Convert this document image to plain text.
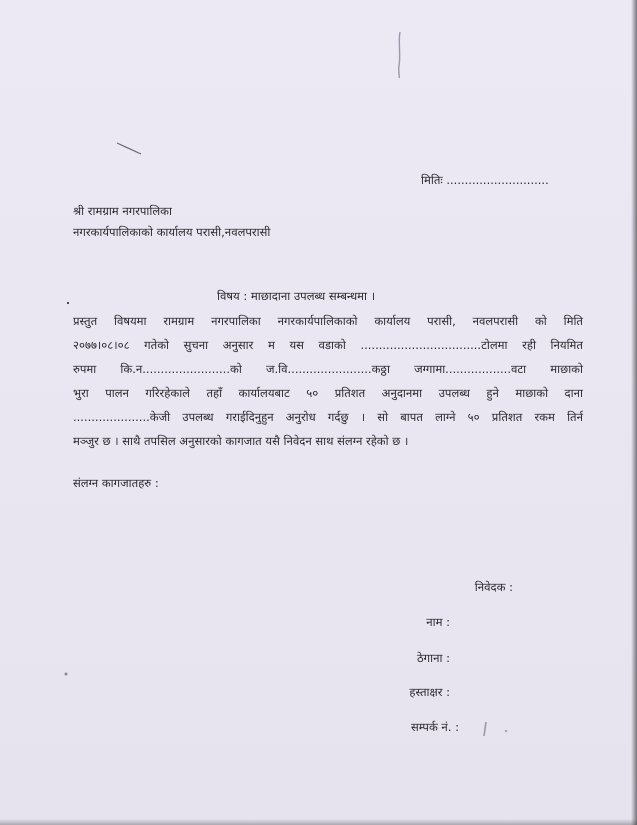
मितिः ............................
श्री रामग्राम नगरपालिका
नगरकार्यपालिकाको कार्यालय परासी,नवलपरासी
विषय : माछादाना उपलब्ध सम्बन्धमा ।
प्रस्तुत विषयमा रामग्राम नगरपालिका नगरकार्यपालिकाको कार्यालय परासी, नवलपरासी को मिति
२०७७।०८।०८ गतेको सुचना अनुसार म यस वडाको .................................टोलमा रही नियमित
रुपमा कि.न........................को ज.वि.......................कठ्ठा जग्गामा..................वटा माछाको
भुरा पालन गरिरहेकाले तहाँ कार्यालयबाट ५० प्रतिशत अनुदानमा उपलब्ध हुने माछाको दाना
.....................केजी उपलब्ध गराईदिनुहुन अनुरोध गर्दछु । सो बापत लाग्ने ५० प्रतिशत रकम तिर्न
मञ्जुर छ । साथै तपसिल अनुसारको कागजात यसै निवेदन साथ संलग्न रहेको छ ।
संलग्न कागजातहरु :
निवेदक :
नाम :
ठेगाना :
हस्ताक्षर :
सम्पर्क नं. :
